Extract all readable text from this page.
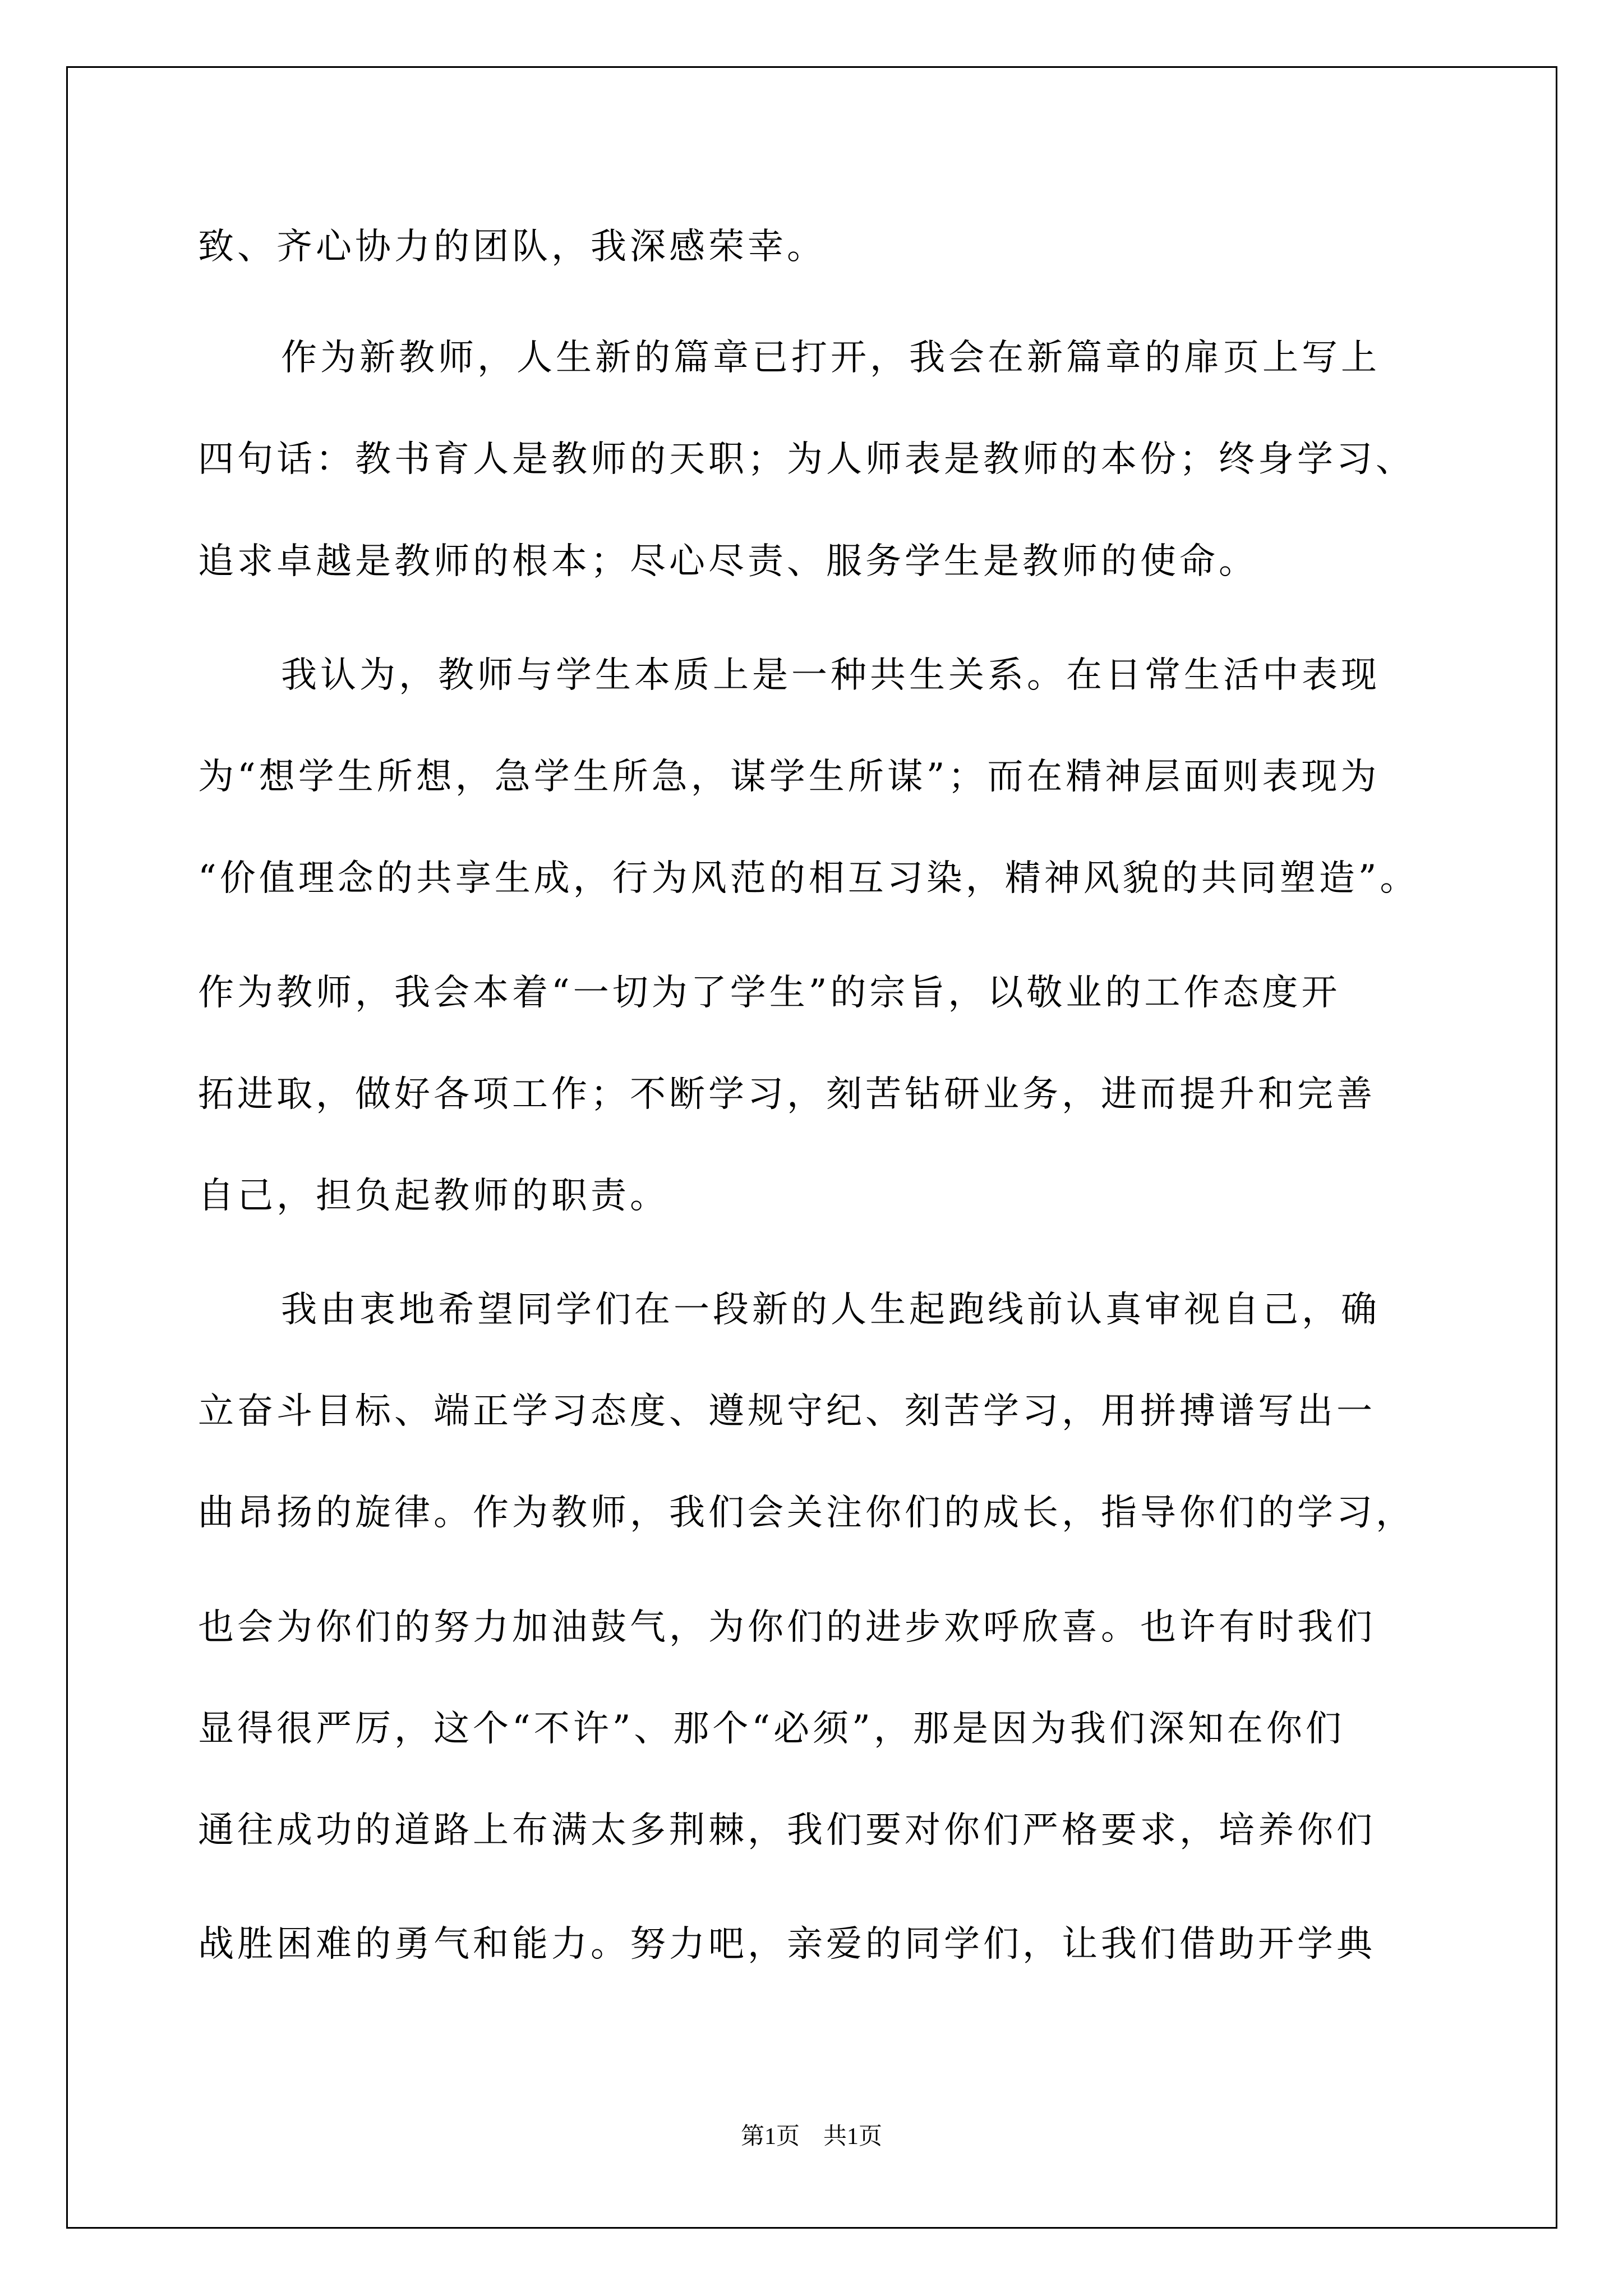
致、齐心协力的团队，我深感荣幸。
作为新教师，人生新的篇章已打开，我会在新篇章的扉页上写上
四句话：教书育人是教师的天职；为人师表是教师的本份；终身学习、
追求卓越是教师的根本；尽心尽责、服务学生是教师的使命。
我认为，教师与学生本质上是一种共生关系。在日常生活中表现
为“想学生所想，急学生所急，谋学生所谋”；而在精神层面则表现为
“价值理念的共享生成，行为风范的相互习染，精神风貌的共同塑造”。
作为教师，我会本着“一切为了学生”的宗旨，以敬业的工作态度开
拓进取，做好各项工作；不断学习，刻苦钻研业务，进而提升和完善
自己，担负起教师的职责。
我由衷地希望同学们在一段新的人生起跑线前认真审视自己，确
立奋斗目标、端正学习态度、遵规守纪、刻苦学习，用拼搏谱写出一
曲昂扬的旋律。作为教师，我们会关注你们的成长，指导你们的学习，
也会为你们的努力加油鼓气，为你们的进步欢呼欣喜。也许有时我们
显得很严厉，这个“不许”、那个“必须”，那是因为我们深知在你们
通往成功的道路上布满太多荆棘，我们要对你们严格要求，培养你们
战胜困难的勇气和能力。努力吧，亲爱的同学们，让我们借助开学典
第1页　共1页
